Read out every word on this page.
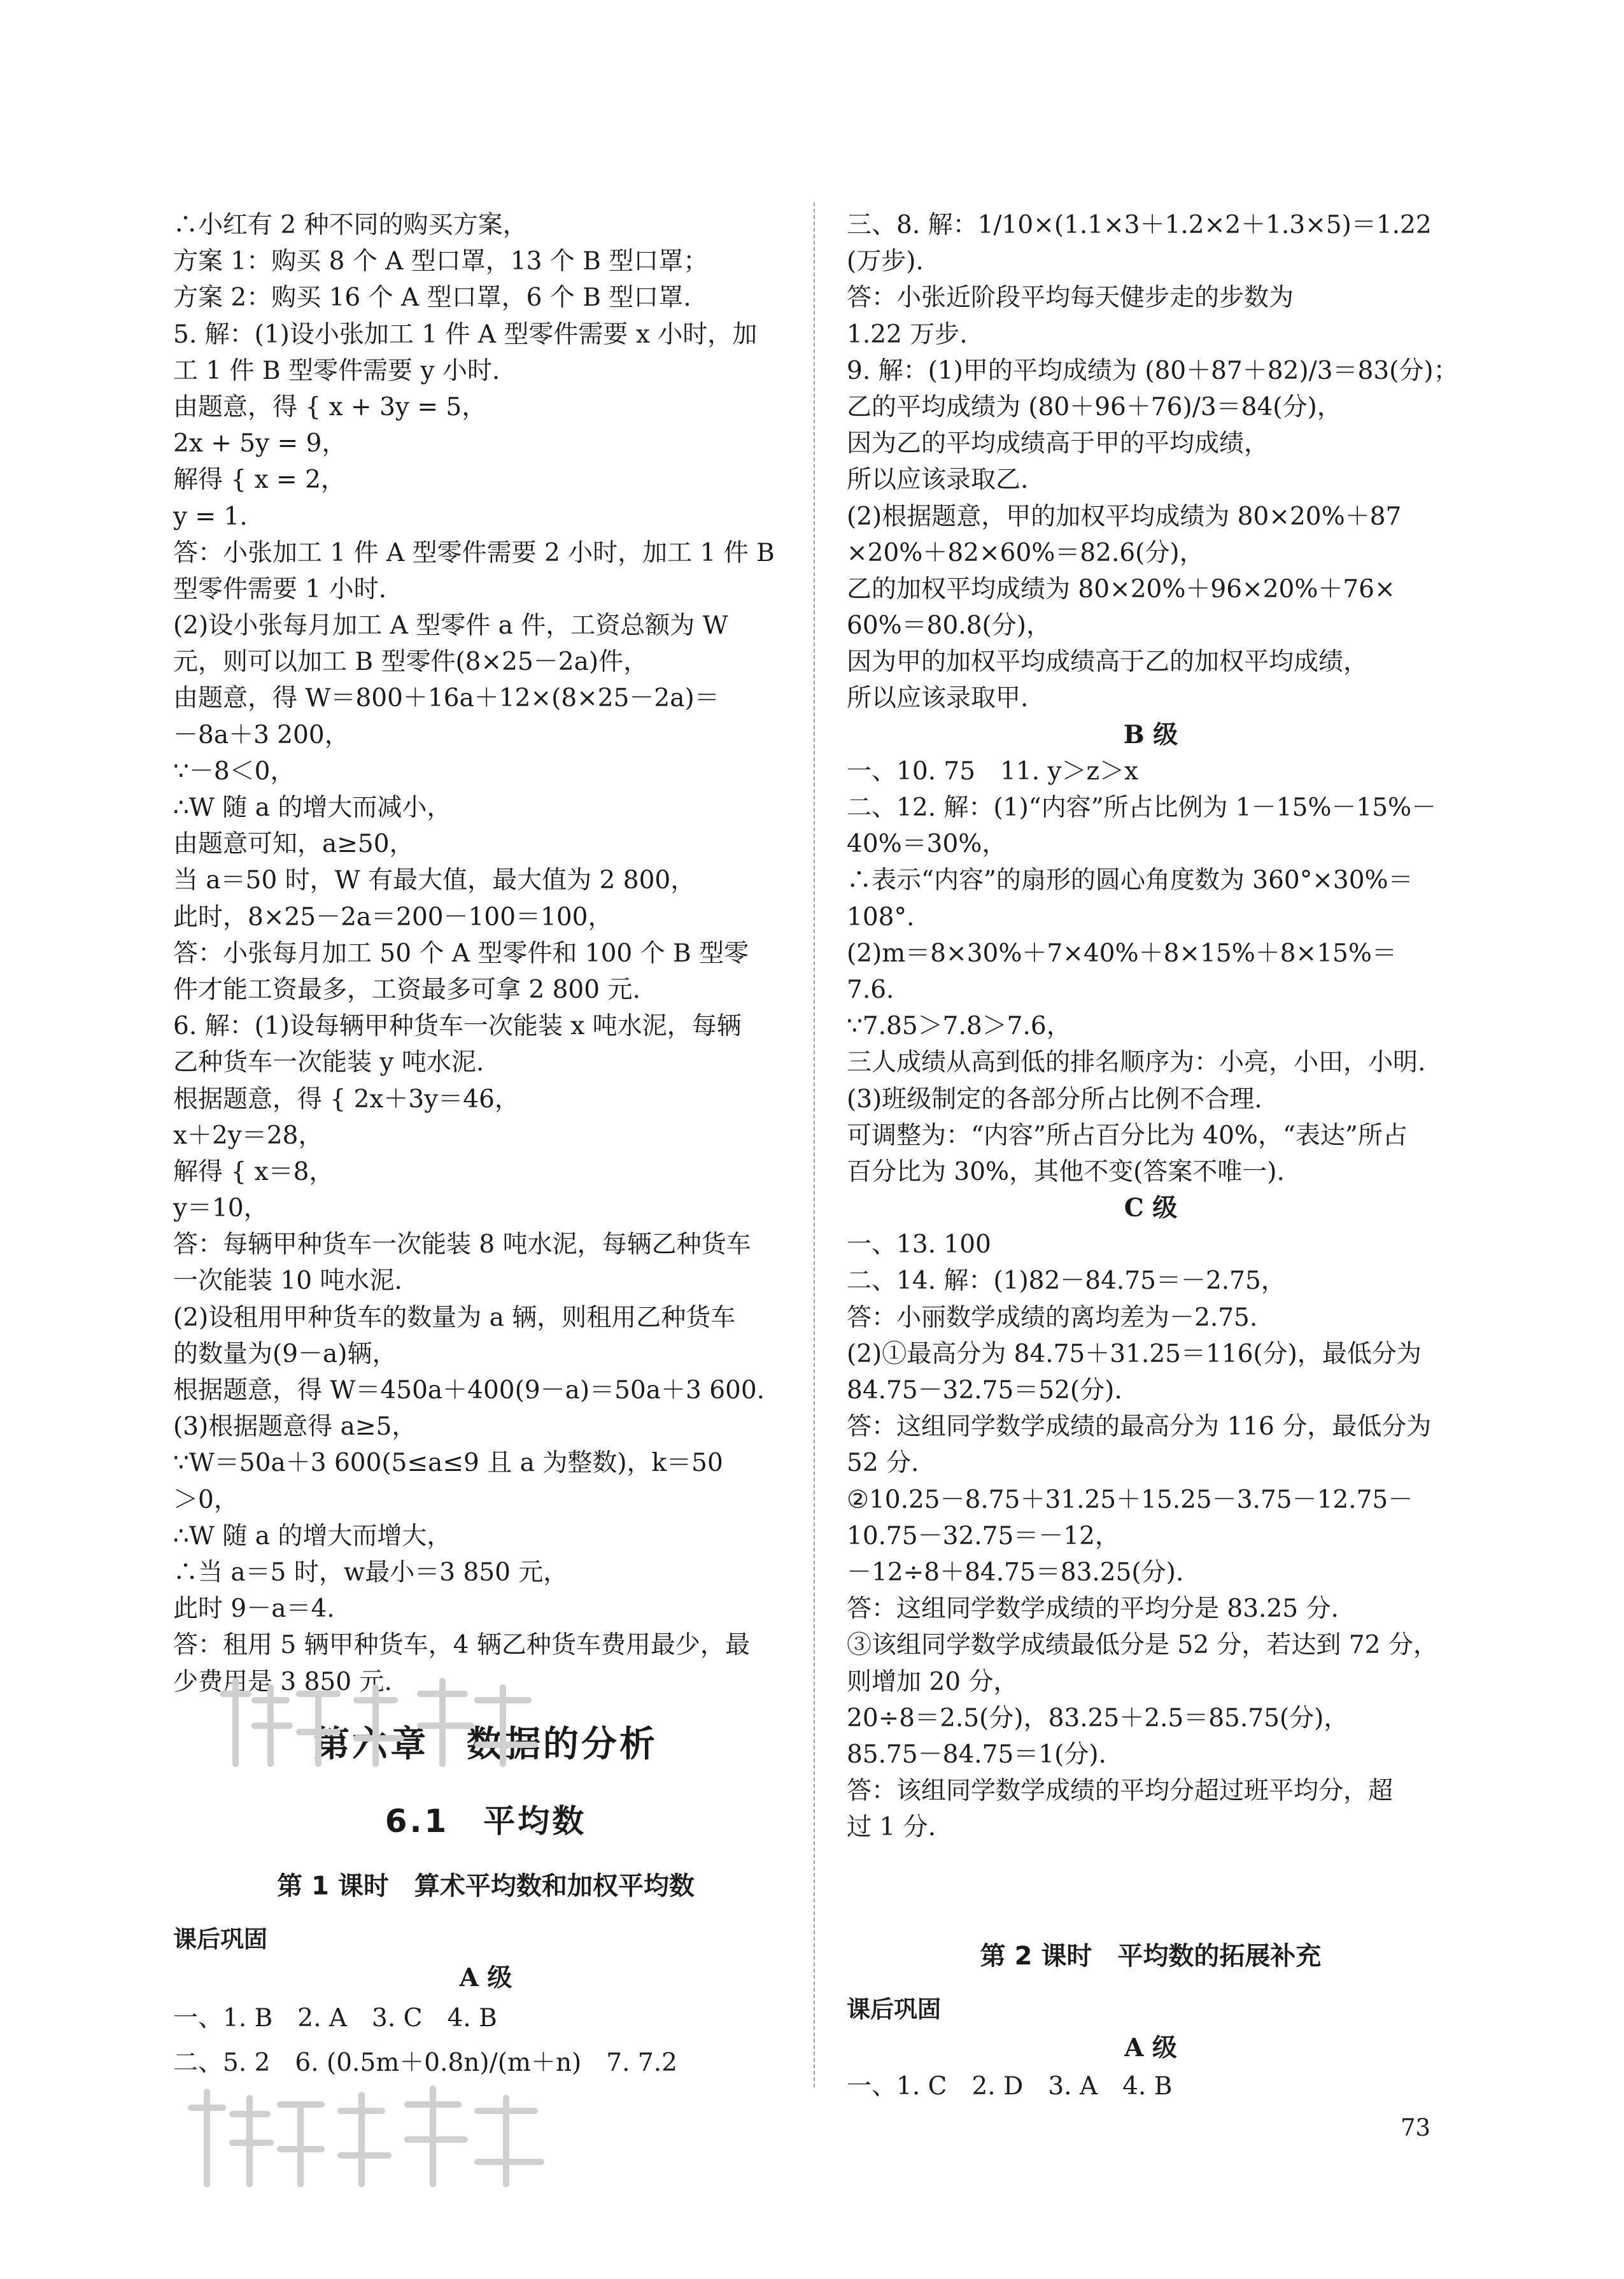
∴小红有 2 种不同的购买方案，
方案 1：购买 8 个 A 型口罩，13 个 B 型口罩；
方案 2：购买 16 个 A 型口罩，6 个 B 型口罩.
5. 解：(1)设小张加工 1 件 A 型零件需要 x 小时，加
工 1 件 B 型零件需要 y 小时.
由题意，得 { x + 3y = 5，
2x + 5y = 9，
解得 { x = 2，
y = 1.
答：小张加工 1 件 A 型零件需要 2 小时，加工 1 件 B
型零件需要 1 小时.
(2)设小张每月加工 A 型零件 a 件，工资总额为 W
元，则可以加工 B 型零件(8×25－2a)件，
由题意，得 W＝800＋16a＋12×(8×25－2a)＝
－8a＋3 200，
∵－8＜0，
∴W 随 a 的增大而减小，
由题意可知，a≥50，
当 a＝50 时，W 有最大值，最大值为 2 800，
此时，8×25－2a＝200－100＝100，
答：小张每月加工 50 个 A 型零件和 100 个 B 型零
件才能工资最多，工资最多可拿 2 800 元.
6. 解：(1)设每辆甲种货车一次能装 x 吨水泥，每辆
乙种货车一次能装 y 吨水泥.
根据题意，得 { 2x＋3y＝46，
x＋2y＝28，
解得 { x＝8，
y＝10，
答：每辆甲种货车一次能装 8 吨水泥，每辆乙种货车
一次能装 10 吨水泥.
(2)设租用甲种货车的数量为 a 辆，则租用乙种货车
的数量为(9－a)辆，
根据题意，得 W＝450a＋400(9－a)＝50a＋3 600.
(3)根据题意得 a≥5，
∵W＝50a＋3 600(5≤a≤9 且 a 为整数)，k＝50
＞0，
∴W 随 a 的增大而增大，
∴当 a＝5 时，w最小＝3 850 元，
此时 9－a＝4.
答：租用 5 辆甲种货车，4 辆乙种货车费用最少，最
少费用是 3 850 元.
三、8. 解：1/10×(1.1×3＋1.2×2＋1.3×5)＝1.22
(万步).
答：小张近阶段平均每天健步走的步数为
1.22 万步.
9. 解：(1)甲的平均成绩为 (80＋87＋82)/3＝83(分)；
乙的平均成绩为 (80＋96＋76)/3＝84(分)，
因为乙的平均成绩高于甲的平均成绩，
所以应该录取乙.
(2)根据题意，甲的加权平均成绩为 80×20%＋87
×20%＋82×60%＝82.6(分)，
乙的加权平均成绩为 80×20%＋96×20%＋76×
60%＝80.8(分)，
因为甲的加权平均成绩高于乙的加权平均成绩，
所以应该录取甲.
B 级
一、10. 75　11. y＞z＞x
二、12. 解：(1)“内容”所占比例为 1－15%－15%－
40%＝30%，
∴表示“内容”的扇形的圆心角度数为 360°×30%＝
108°.
(2)m＝8×30%＋7×40%＋8×15%＋8×15%＝
7.6.
∵7.85＞7.8＞7.6，
三人成绩从高到低的排名顺序为：小亮，小田，小明.
(3)班级制定的各部分所占比例不合理.
可调整为：“内容”所占百分比为 40%，“表达”所占
百分比为 30%，其他不变(答案不唯一).
C 级
一、13. 100
二、14. 解：(1)82－84.75＝－2.75，
答：小丽数学成绩的离均差为－2.75.
(2)①最高分为 84.75＋31.25＝116(分)，最低分为
84.75－32.75＝52(分).
答：这组同学数学成绩的最高分为 116 分，最低分为
52 分.
②10.25－8.75＋31.25＋15.25－3.75－12.75－
10.75－32.75＝－12，
－12÷8＋84.75＝83.25(分).
答：这组同学数学成绩的平均分是 83.25 分.
③该组同学数学成绩最低分是 52 分，若达到 72 分，
则增加 20 分，
20÷8＝2.5(分)，83.25＋2.5＝85.75(分)，
85.75－84.75＝1(分).
答：该组同学数学成绩的平均分超过班平均分，超
过 1 分.
第六章　数据的分析
6.1　平均数
第 1 课时　算术平均数和加权平均数
课后巩固
A 级
一、1. B　2. A　3. C　4. B
二、5. 2　6. (0.5m＋0.8n)/(m＋n)　7. 7.2
第 2 课时　平均数的拓展补充
课后巩固
A 级
一、1. C　2. D　3. A　4. B
73
